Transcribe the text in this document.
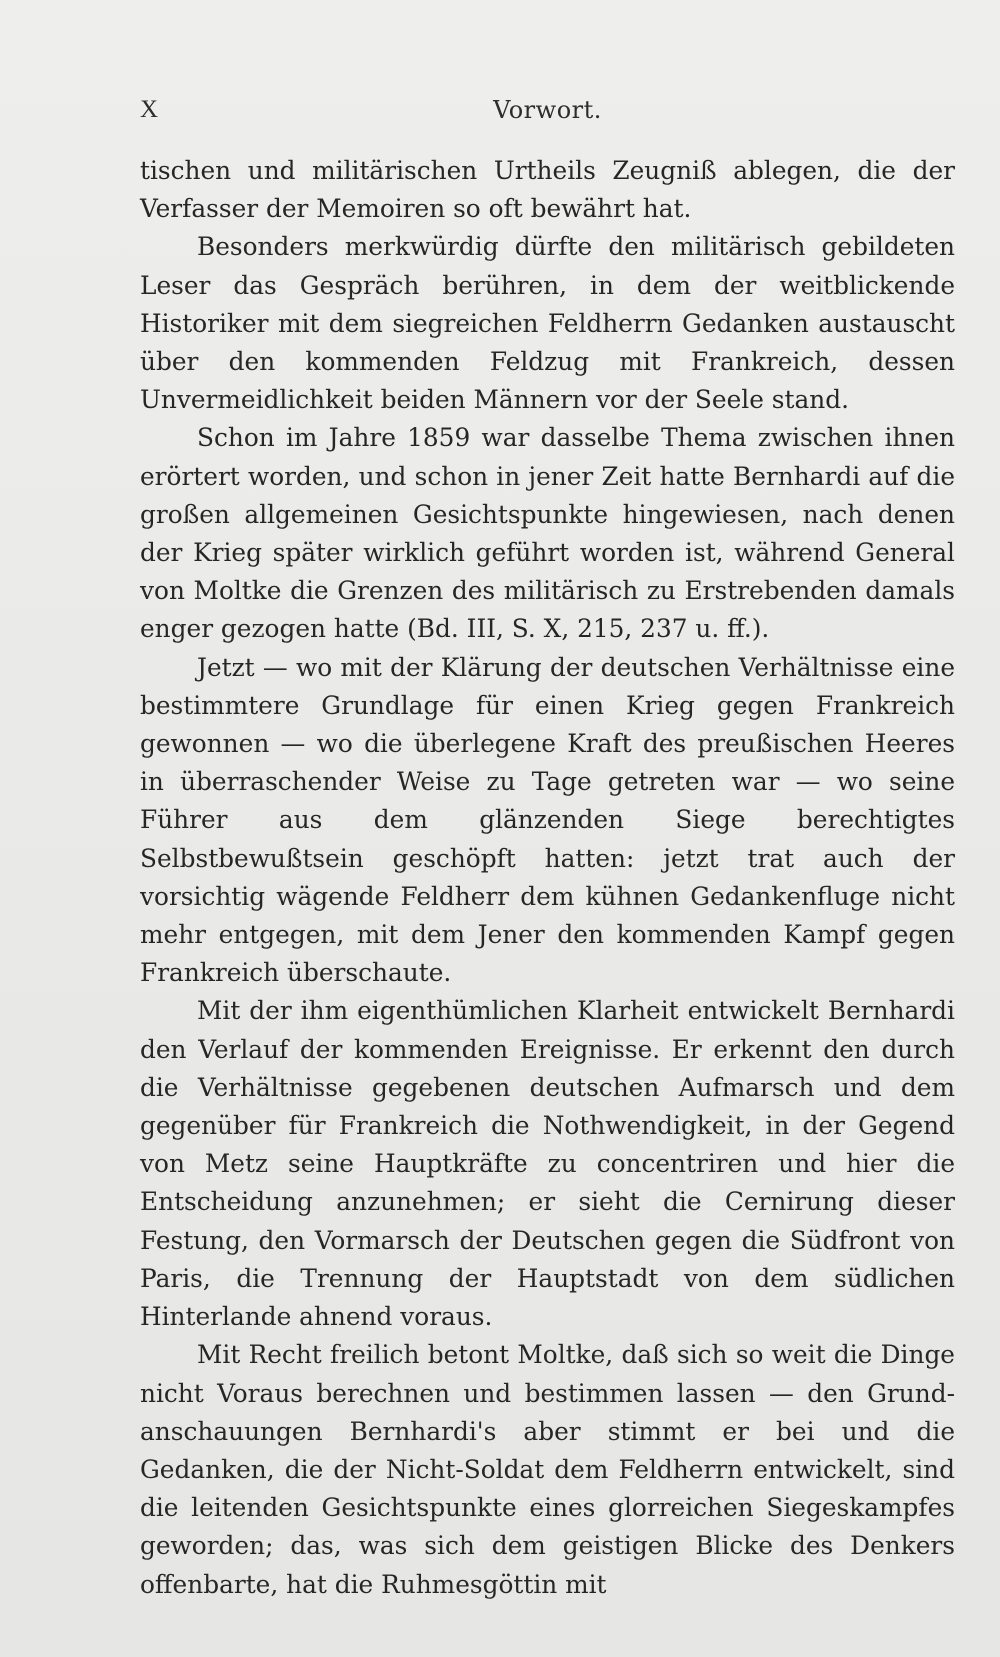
X	Vorwort.

tischen und militärischen Urtheils Zeugniß ablegen, die der Verfasser der Memoiren so oft bewährt hat.

Besonders merkwürdig dürfte den militärisch gebildeten Leser das Gespräch berühren, in dem der weitblickende Historiker mit dem siegreichen Feldherrn Gedanken austauscht über den kommenden Feldzug mit Frankreich, dessen Unvermeidlichkeit beiden Männern vor der Seele stand.

Schon im Jahre 1859 war dasselbe Thema zwischen ihnen erörtert worden, und schon in jener Zeit hatte Bernhardi auf die großen allgemeinen Gesichtspunkte hingewiesen, nach denen der Krieg später wirklich geführt worden ist, während General von Moltke die Grenzen des militärisch zu Erstrebenden damals enger gezogen hatte (Bd. III, S. X, 215, 237 u. ff.).

Jetzt — wo mit der Klärung der deutschen Verhältnisse eine bestimmtere Grundlage für einen Krieg gegen Frankreich gewonnen — wo die überlegene Kraft des preußischen Heeres in überraschender Weise zu Tage getreten war — wo seine Führer aus dem glänzenden Siege berechtigtes Selbstbewußtsein geschöpft hatten: jetzt trat auch der vorsichtig wägende Feldherr dem kühnen Gedankenfluge nicht mehr entgegen, mit dem Jener den kommenden Kampf gegen Frankreich überschaute.

Mit der ihm eigenthümlichen Klarheit entwickelt Bernhardi den Verlauf der kommenden Ereignisse. Er erkennt den durch die Verhältnisse gegebenen deutschen Aufmarsch und dem gegenüber für Frankreich die Nothwendigkeit, in der Gegend von Metz seine Hauptkräfte zu concentriren und hier die Entscheidung anzunehmen; er sieht die Cernirung dieser Festung, den Vormarsch der Deutschen gegen die Südfront von Paris, die Trennung der Hauptstadt von dem südlichen Hinterlande ahnend voraus.

Mit Recht freilich betont Moltke, daß sich so weit die Dinge nicht Voraus berechnen und bestimmen lassen — den Grundanschauungen Bernhardi's aber stimmt er bei und die Gedanken, die der Nicht-Soldat dem Feldherrn entwickelt, sind die leitenden Gesichtspunkte eines glorreichen Siegeskampfes geworden; das, was sich dem geistigen Blicke des Denkers offenbarte, hat die Ruhmesgöttin mit
